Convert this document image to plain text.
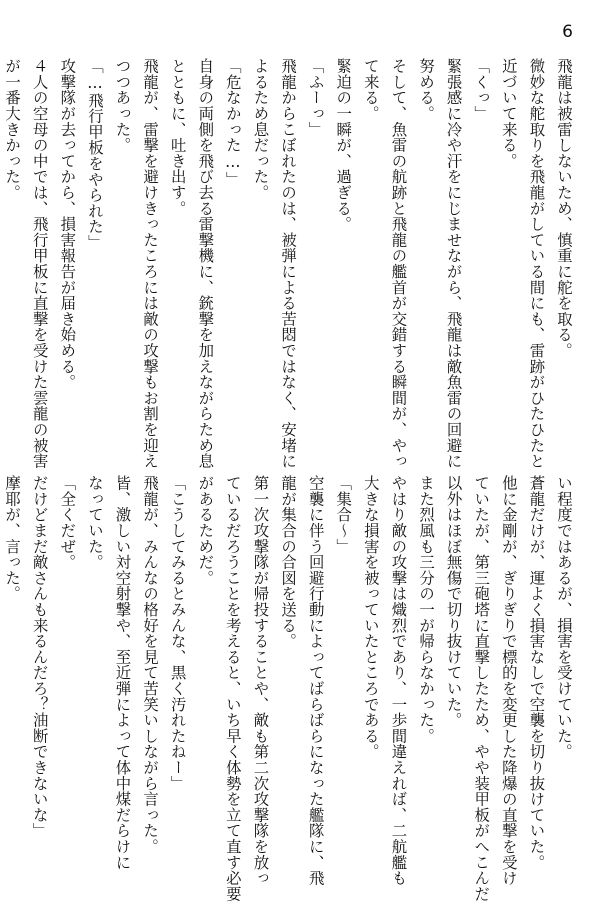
6
飛龍は被雷しないため、慎重に舵を取る。
微妙な舵取りを飛龍がしている間にも、雷跡がひたひたと
近づいて来る。
「くっ」
緊張感に冷や汗をにじませながら、飛龍は敵魚雷の回避に
努める。
そして、魚雷の航跡と飛龍の艦首が交錯する瞬間が、やっ
て来る。
緊迫の一瞬が、過ぎる。
「ふーっ」
飛龍からこぼれたのは、被弾による苦悶ではなく、安堵に
よるため息だった。
「危なかった…」
自身の両側を飛び去る雷撃機に、銃撃を加えながらため息
とともに、吐き出す。
飛龍が、雷撃を避けきったころには敵の攻撃もお割を迎え
つつあった。
「…飛行甲板をやられた」
攻撃隊が去ってから、損害報告が届き始める。
４人の空母の中では、飛行甲板に直撃を受けた雲龍の被害
が一番大きかった。
い程度ではあるが、損害を受けていた。
蒼龍だけが、運よく損害なしで空襲を切り抜けていた。
他に金剛が、ぎりぎりで標的を変更した降爆の直撃を受け
ていたが、第三砲塔に直撃したため、やや装甲板がへこんだ
以外はほぼ無傷で切り抜けていた。
また烈風も三分の一が帰らなかった。
やはり敵の攻撃は熾烈であり、一歩間違えれば、二航艦も
大きな損害を被っていたところである。
「集合〜」
空襲に伴う回避行動によってばらばらになった艦隊に、飛
龍が集合の合図を送る。
第一次攻撃隊が帰投することや、敵も第二次攻撃隊を放っ
ているだろうことを考えると、いち早く体勢を立て直す必要
があるためだ。
「こうしてみるとみんな、黒く汚れたねー」
飛龍が、みんなの格好を見て苦笑いしながら言った。
皆、激しい対空射撃や、至近弾によって体中煤だらけに
なっていた。
「全くだぜ。
だけどまだ敵さんも来るんだろ？油断できないな」
摩耶が、言った。
